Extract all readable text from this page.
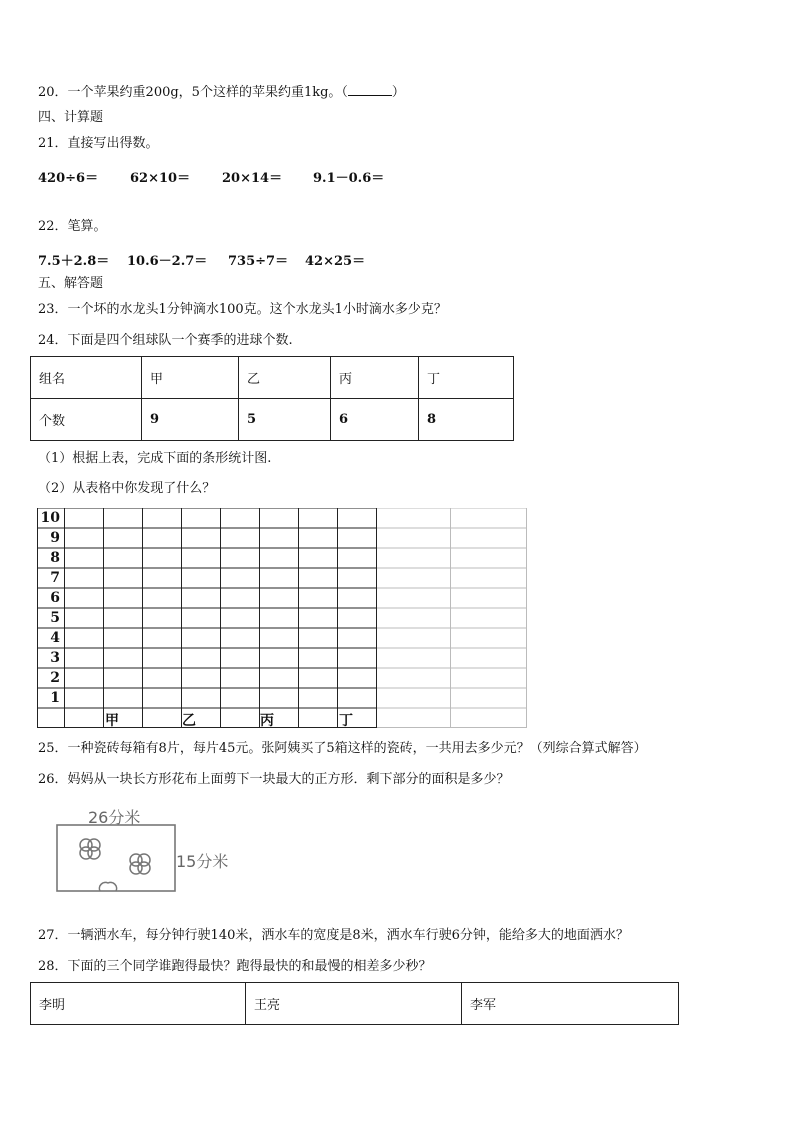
20．一个苹果约重200g，5个这样的苹果约重1kg。（	）
四、计算题
21．直接写出得数。
420÷6＝ 62×10＝ 20×14＝ 9.1－0.6＝
22．笔算。
7.5＋2.8＝ 10.6－2.7＝ 735÷7＝ 42×25＝
五、解答题
23．一个坏的水龙头1分钟滴水100克。这个水龙头1小时滴水多少克？
24．下面是四个组球队一个赛季的进球个数.
组名	甲	乙	丙	丁
个数	9	5	6	8
（1）根据上表，完成下面的条形统计图.
（2）从表格中你发现了什么？
10
9
8
7
6
5
4
3
2
1
甲	乙	丙	丁
25．一种瓷砖每箱有8片，每片45元。张阿姨买了5箱这样的瓷砖，一共用去多少元？（列综合算式解答）
26．妈妈从一块长方形花布上面剪下一块最大的正方形．剩下部分的面积是多少？
26分米
15分米
27．一辆洒水车，每分钟行驶140米，洒水车的宽度是8米，洒水车行驶6分钟，能给多大的地面洒水？
28．下面的三个同学谁跑得最快？跑得最快的和最慢的相差多少秒？
李明	王亮	李军
